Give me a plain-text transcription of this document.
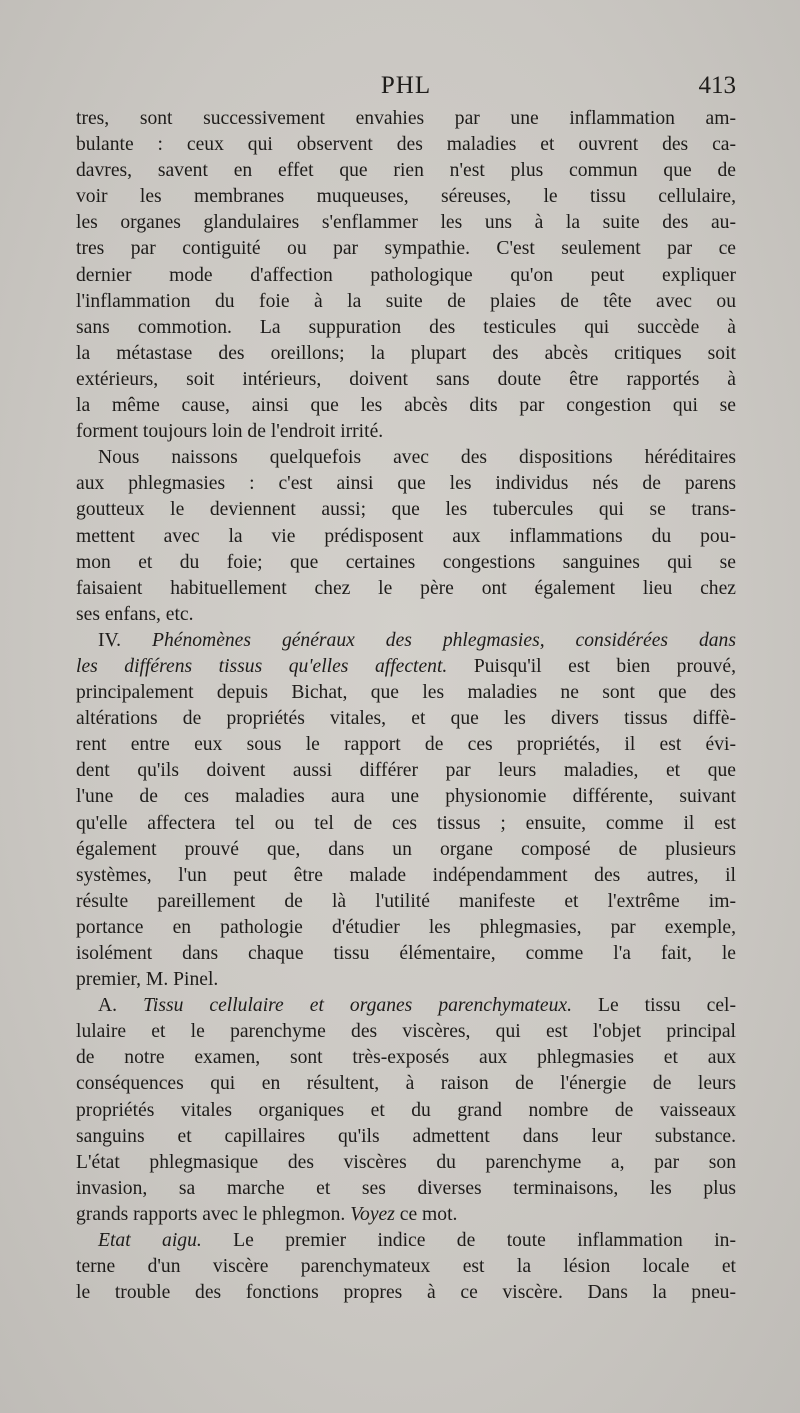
PHL	413
tres, sont successivement envahies par une inflammation am-
bulante : ceux qui observent des maladies et ouvrent des ca-
davres, savent en effet que rien n'est plus commun que de
voir les membranes muqueuses, séreuses, le tissu cellulaire,
les organes glandulaires s'enflammer les uns à la suite des au-
tres par contiguité ou par sympathie. C'est seulement par ce
dernier mode d'affection pathologique qu'on peut expliquer
l'inflammation du foie à la suite de plaies de tête avec ou
sans commotion. La suppuration des testicules qui succède à
la métastase des oreillons; la plupart des abcès critiques soit
extérieurs, soit intérieurs, doivent sans doute être rapportés à
la même cause, ainsi que les abcès dits par congestion qui se
forment toujours loin de l'endroit irrité.
Nous naissons quelquefois avec des dispositions héréditaires
aux phlegmasies : c'est ainsi que les individus nés de parens
goutteux le deviennent aussi; que les tubercules qui se trans-
mettent avec la vie prédisposent aux inflammations du pou-
mon et du foie; que certaines congestions sanguines qui se
faisaient habituellement chez le père ont également lieu chez
ses enfans, etc.
IV. Phénomènes généraux des phlegmasies, considérées dans
les différens tissus qu'elles affectent. Puisqu'il est bien prouvé,
principalement depuis Bichat, que les maladies ne sont que des
altérations de propriétés vitales, et que les divers tissus diffè-
rent entre eux sous le rapport de ces propriétés, il est évi-
dent qu'ils doivent aussi différer par leurs maladies, et que
l'une de ces maladies aura une physionomie différente, suivant
qu'elle affectera tel ou tel de ces tissus ; ensuite, comme il est
également prouvé que, dans un organe composé de plusieurs
systèmes, l'un peut être malade indépendamment des autres, il
résulte pareillement de là l'utilité manifeste et l'extrême im-
portance en pathologie d'étudier les phlegmasies, par exemple,
isolément dans chaque tissu élémentaire, comme l'a fait, le
premier, M. Pinel.
A. Tissu cellulaire et organes parenchymateux. Le tissu cel-
lulaire et le parenchyme des viscères, qui est l'objet principal
de notre examen, sont très-exposés aux phlegmasies et aux
conséquences qui en résultent, à raison de l'énergie de leurs
propriétés vitales organiques et du grand nombre de vaisseaux
sanguins et capillaires qu'ils admettent dans leur substance.
L'état phlegmasique des viscères du parenchyme a, par son
invasion, sa marche et ses diverses terminaisons, les plus
grands rapports avec le phlegmon. Voyez ce mot.
Etat aigu. Le premier indice de toute inflammation in-
terne d'un viscère parenchymateux est la lésion locale et
le trouble des fonctions propres à ce viscère. Dans la pneu-
